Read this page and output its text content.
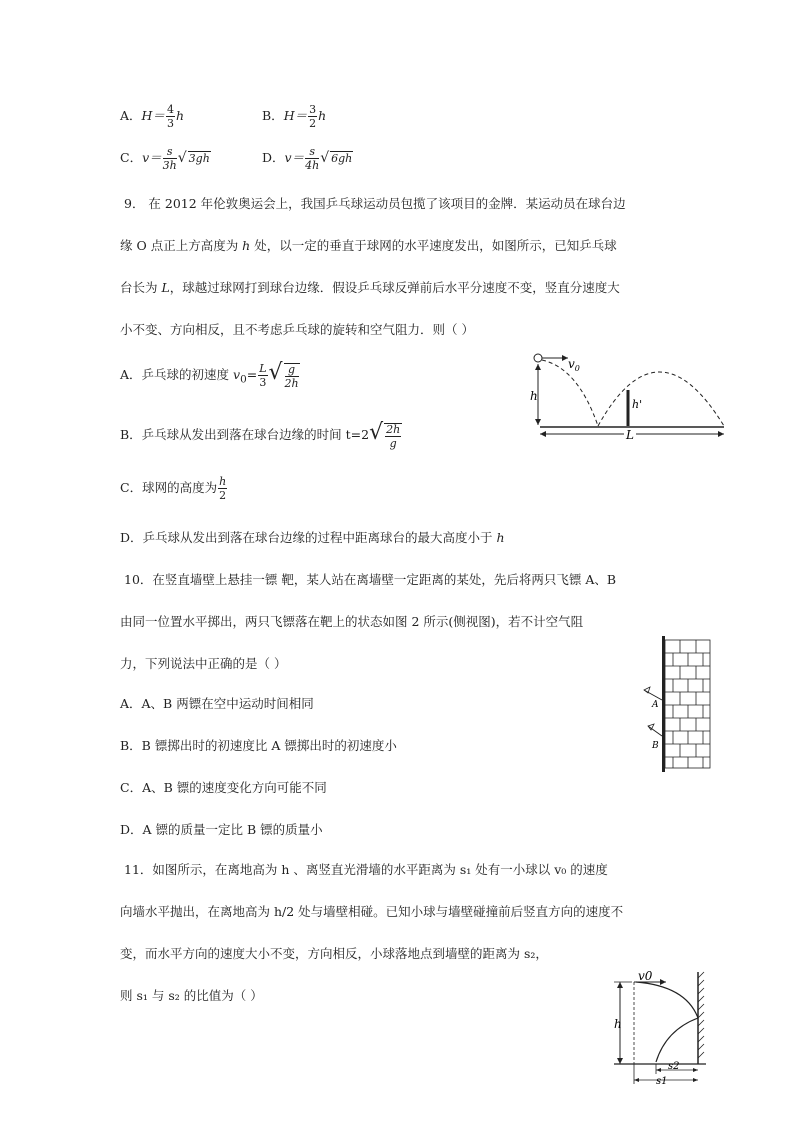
A．$H= \frac{4}{3}$ h	B．$H= \frac{3}{2}$ h
C．$v= \frac{s}{3h}$ √ 3gh	D．$v= \frac{s}{4h}$ √ 6gh
9． 在 2012 年伦敦奥运会上，我国乒乓球运动员包揽了该项目的金牌．某运动员在球台边
缘 O 点正上方高度为 h 处，以一定的垂直于球网的水平速度发出，如图所示，已知乒乓球
台长为 L，球越过球网打到球台边缘．假设乒乓球反弹前后水平分速度不变，竖直分速度大
小不变、方向相反，且不考虑乒乓球的旋转和空气阻力．则（ ）
A．乒乓球的初速度 $v_0= \frac{L}{3}$ √ $\frac{g}{2h}$
B．乒乓球从发出到落在球台边缘的时间 $t=2√ \frac{2h}{g}$
C．球网的高度为 $\frac{h}{2}$
D．乒乓球从发出到落在球台边缘的过程中距离球台的最大高度小于 h
$v_0$
h
h'
L
10．在竖直墙壁上悬挂一镖 靶，某人站在离墙壁一定距离的某处，先后将两只飞镖 A、B
由同一位置水平掷出，两只飞镖落在靶上的状态如图 2 所示(侧视图)，若不计空气阻
力，下列说法中正确的是（ ）
A．A、B 两镖在空中运动时间相同
B．B 镖掷出时的初速度比 A 镖掷出时的初速度小
C．A、B 镖的速度变化方向可能不同
D．A 镖的质量一定比 B 镖的质量小
A
B
11．如图所示，在离地高为 h 、离竖直光滑墙的水平距离为 s₁ 处有一小球以 v₀ 的速度
向墙水平抛出，在离地高为 h/2 处与墙壁相碰。已知小球与墙壁碰撞前后竖直方向的速度不
变，而水平方向的速度大小不变，方向相反，小球落地点到墙壁的距离为 s₂，
则 s₁ 与 s₂ 的比值为（ ）
v0
h
s2
s1
